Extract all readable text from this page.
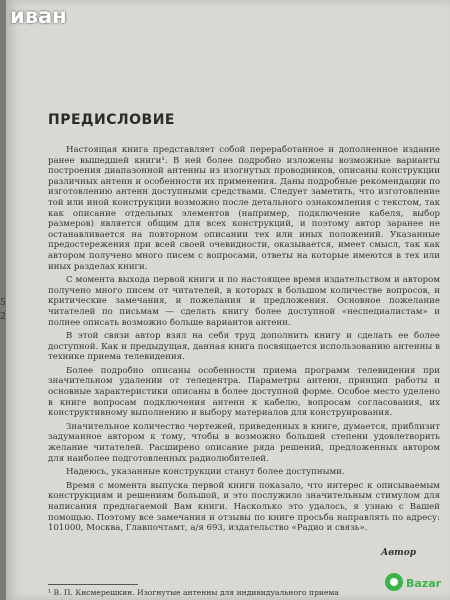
иван
ПРЕДИСЛОВИЕ

Настоящая книга представляет собой переработанное и дополненное издание ранее вышедшей книги¹. В ней более подробно изложены возможные варианты построения диапазонной антенны из изогнутых проводников, описаны конструкции различных антенн и особенности их применения. Даны подробные рекомендации по изготовлению антенн доступными средствами. Следует заметить, что изготовление той или иной конструкции возможно после детального ознакомления с текстом, так как описание отдельных элементов (например, подключение кабеля, выбор размеров) является общим для всех конструкций, и поэтому автор заранее не останавливается на повторном описании тех или иных положений. Указанные предостережения при всей своей очевидности, оказывается, имеет смысл, так как автором получено много писем с вопросами, ответы на которые имеются в тех или иных разделах книги.

С момента выхода первой книги и по настоящее время издательством и автором получено много писем от читателей, в которых в большом количестве вопросов, и критические замечания, и пожелания и предложения. Основное пожелание читателей по письмам — сделать книгу более доступной «неспециалистам» и полнее описать возможно больше вариантов антенн.

В этой связи автор взял на себя труд дополнить книгу и сделать ее более доступной. Как и предыдущая, данная книга посвящается использованию антенны в технике приема телевидения.

Более подробно описаны особенности приема программ телевидения при значительном удалении от телецентра. Параметры антенн, принцип работы и основные характеристики описаны в более доступной форме. Особое место уделено в книге вопросам подключения антенн к кабелю, вопросам согласования, их конструктивному выполнению и выбору материалов для конструирования.

Значительное количество чертежей, приведенных в книге, думается, приблизит задуманное автором к тому, чтобы в возможно большей степени удовлетворить желание читателей. Расширено описание ряда решений, предложенных автором для наиболее подготовленных радиолюбителей.

Надеюсь, указанные конструкции станут более доступными.

Время с момента выпуска первой книги показало, что интерес к описываемым конструкциям и решениям большой, и это послужило значительным стимулом для написания предлагаемой Вам книги. Насколько это удалось, я узнаю с Вашей помощью. Поэтому все замечания и отзывы по книге просьба направлять по адресу: 101000, Москва, Главпочтамт, а/я 693, издательство «Радио и связь».

Автор
¹ В. П. Кисмерешкин. Изогнутые антенны для индивидуального приема
5
2
Bazar
